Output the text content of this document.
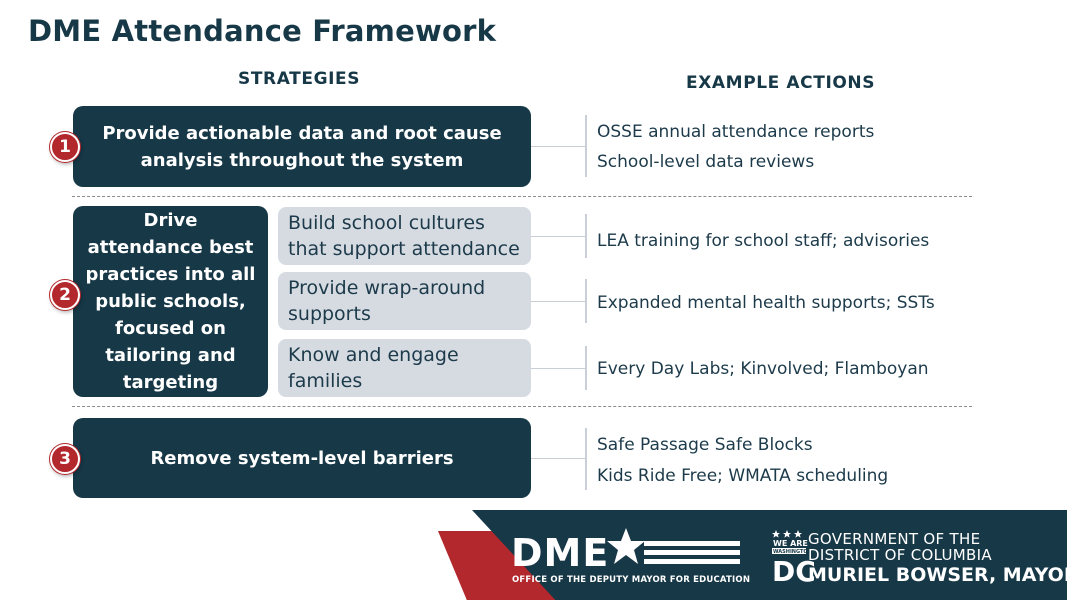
DME Attendance Framework
STRATEGIES	EXAMPLE ACTIONS
Provide actionable data and root cause analysis throughout the system
1
OSSE annual attendance reports
School-level data reviews
Drive attendance best practices into all public schools, focused on tailoring and targeting
2
Build school cultures that support attendance
Provide wrap-around supports
Know and engage families
LEA training for school staff; advisories
Expanded mental health supports; SSTs
Every Day Labs; Kinvolved; Flamboyan
Remove system-level barriers
3
Safe Passage Safe Blocks
Kids Ride Free; WMATA scheduling
DME
OFFICE OF THE DEPUTY MAYOR FOR EDUCATION
WE ARE
WASHINGTON
DC
GOVERNMENT OF THE
DISTRICT OF COLUMBIA
MURIEL BOWSER, MAYOR
